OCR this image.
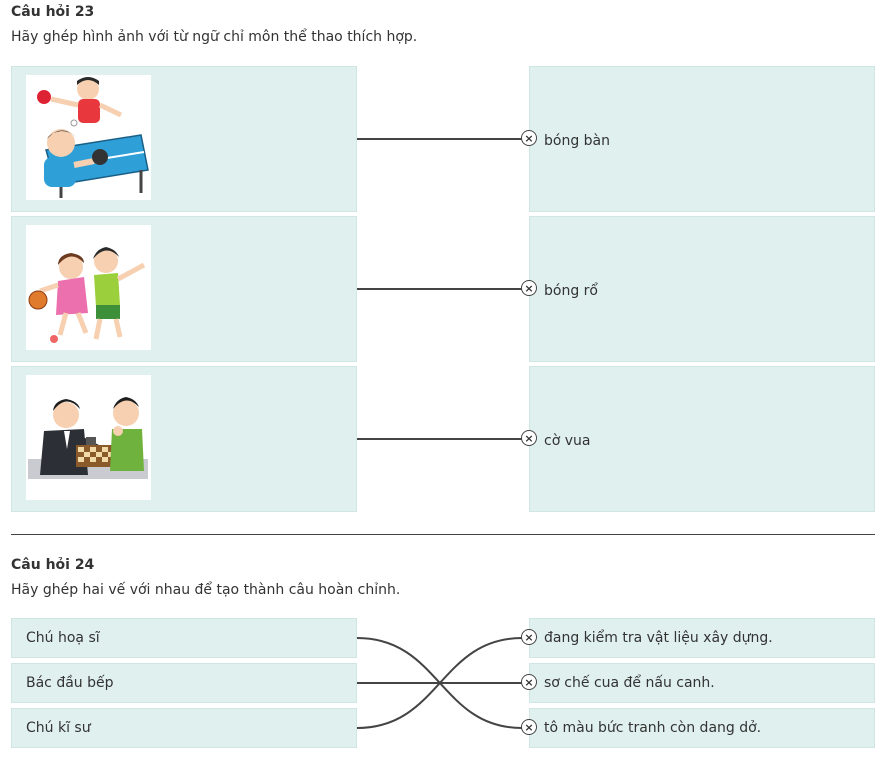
Câu hỏi 23
Hãy ghép hình ảnh với từ ngữ chỉ môn thể thao thích hợp.
bóng bàn
bóng rổ
cờ vua
Câu hỏi 24
Hãy ghép hai vế với nhau để tạo thành câu hoàn chỉnh.
Chú hoạ sĩ
Bác đầu bếp
Chú kĩ sư
đang kiểm tra vật liệu xây dựng.
sơ chế cua để nấu canh.
tô màu bức tranh còn dang dở.
×
×
×
×
×
×
